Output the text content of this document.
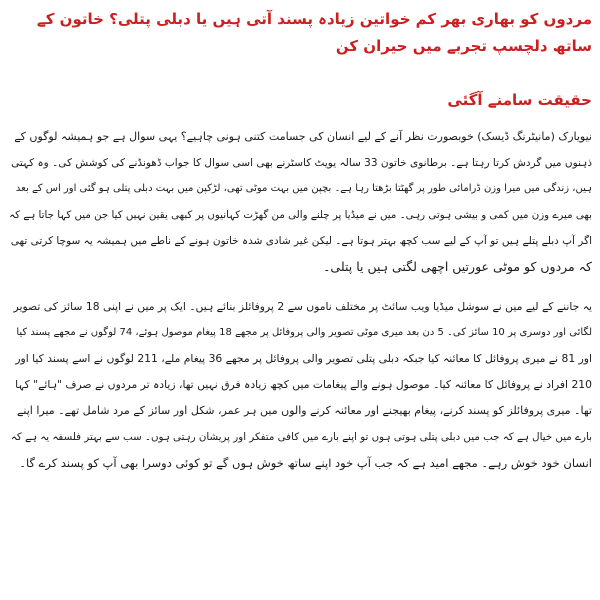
مردوں کو بھاری بھر کم خواتین زیادہ پسند آتی ہیں یا دبلی پتلی؟ خاتون کے ساتھ دلچسپ تجربے میں حیران کن

حقیقت سامنے آگئی
نیویارک (مانیٹرنگ ڈیسک) خوبصورت نظر آنے کے لیے انسان کی جسامت کتنی ہونی چاہیے؟ یہی سوال ہے جو ہمیشہ لوگوں کے
ذہنوں میں گردش کرتا رہتا ہے۔ برطانوی خاتون 33 سالہ یویٹ کاسٹرنے بھی اسی سوال کا جواب ڈھونڈنے کی کوشش کی۔ وہ کہتی
ہیں، زندگی میں میرا وزن ڈرامائی طور پر گھٹتا بڑھتا رہا ہے۔ بچپن میں بہت موٹی تھی، لڑکپن میں بہت دبلی پتلی ہو گئی اور اس کے بعد
بھی میرے وزن میں کمی و بیشی ہوتی رہی۔ میں نے میڈیا پر چلنے والی من گھڑت کہانیوں پر کبھی یقین نہیں کیا جن میں کہا جاتا ہے کہ
اگر آپ دبلے پتلے ہیں تو آپ کے لیے سب کچھ بہتر ہوتا ہے۔ لیکن غیر شادی شدہ خاتون ہونے کے ناطے میں ہمیشہ یہ سوچا کرتی تھی
کہ مردوں کو موٹی عورتیں اچھی لگتی ہیں یا پتلی۔
یہ جاننے کے لیے میں نے سوشل میڈیا ویب سائٹ پر مختلف ناموں سے 2 پروفائلز بنائے ہیں۔ ایک پر میں نے اپنی 18 سائز کی تصویر
لگائی اور دوسری پر 10 سائز کی۔ 5 دن بعد میری موٹی تصویر والی پروفائل پر مجھے 18 پیغام موصول ہوئے، 74 لوگوں نے مجھے پسند کیا
اور 81 نے میری پروفائل کا معائنہ کیا جبکہ دبلی پتلی تصویر والی پروفائل پر مجھے 36 پیغام ملے، 211 لوگوں نے اسے پسند کیا اور
210 افراد نے پروفائل کا معائنہ کیا۔ موصول ہونے والے پیغامات میں کچھ زیادہ فرق نہیں تھا، زیادہ تر مردوں نے صرف "ہائے" کہا
تھا۔ میری پروفائلز کو پسند کرنے، پیغام بھیجنے اور معائنہ کرنے والوں میں ہر عمر، شکل اور سائز کے مرد شامل تھے۔ میرا اپنے
بارے میں خیال ہے کہ جب میں دبلی پتلی ہوتی ہوں تو اپنے بارے میں کافی متفکر اور پریشان رہتی ہوں۔ سب سے بہتر فلسفہ یہ ہے کہ
انسان خود خوش رہے۔ مجھے امید ہے کہ جب آپ خود اپنے ساتھ خوش ہوں گے تو کوئی دوسرا بھی آپ کو پسند کرے گا۔
